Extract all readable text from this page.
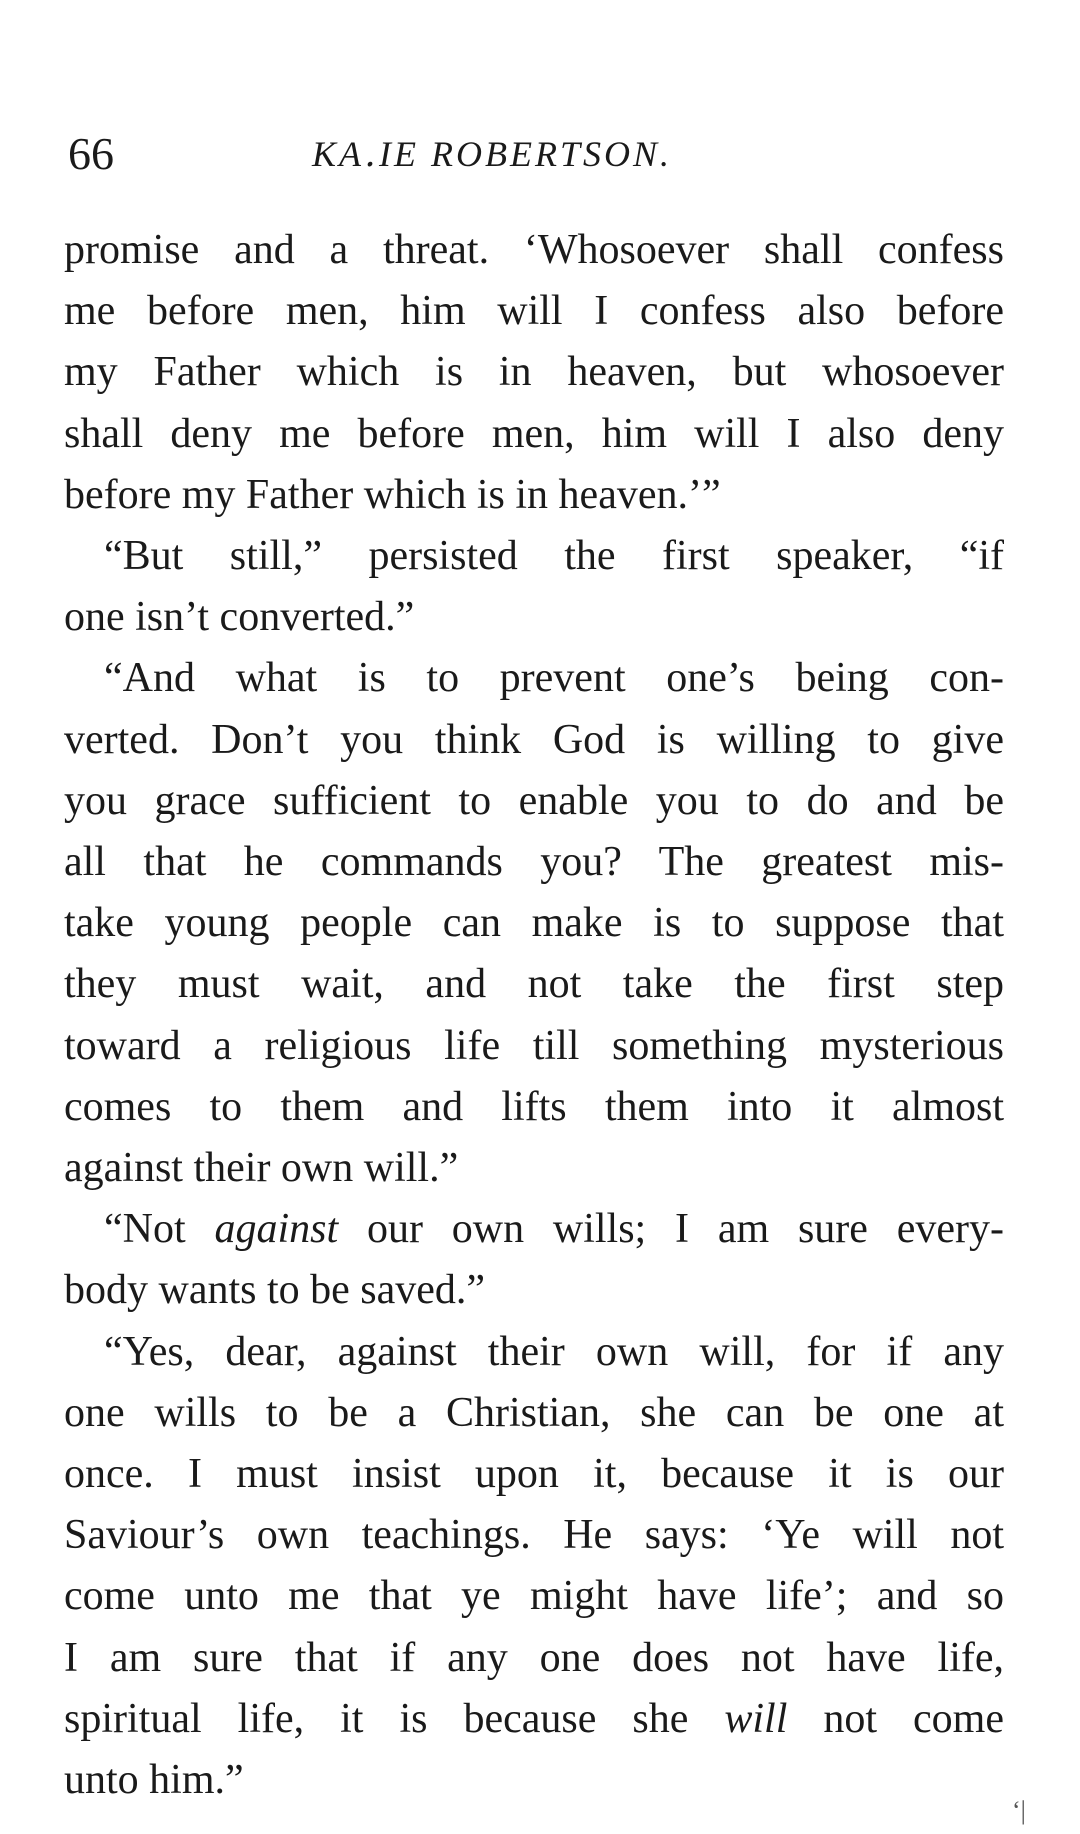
66	KA․IE ROBERTSON.

promise and a threat. ‘Whosoever shall confess
me before men, him will I confess also before
my Father which is in heaven, but whosoever
shall deny me before men, him will I also deny
before my Father which is in heaven.’”

“But still,” persisted the first speaker, “if
one isn’t converted.”

“And what is to prevent one’s being con-
verted. Don’t you think God is willing to give
you grace sufficient to enable you to do and be
all that he commands you? The greatest mis-
take young people can make is to suppose that
they must wait, and not take the first step
toward a religious life till something mysterious
comes to them and lifts them into it almost
against their own will.”

“Not against our own wills; I am sure every-
body wants to be saved.”

“Yes, dear, against their own will, for if any
one wills to be a Christian, she can be one at
once. I must insist upon it, because it is our
Saviour’s own teachings. He says: ‘Ye will not
come unto me that ye might have life’; and so
I am sure that if any one does not have life,
spiritual life, it is because she will not come
unto him.”

ʻ|
